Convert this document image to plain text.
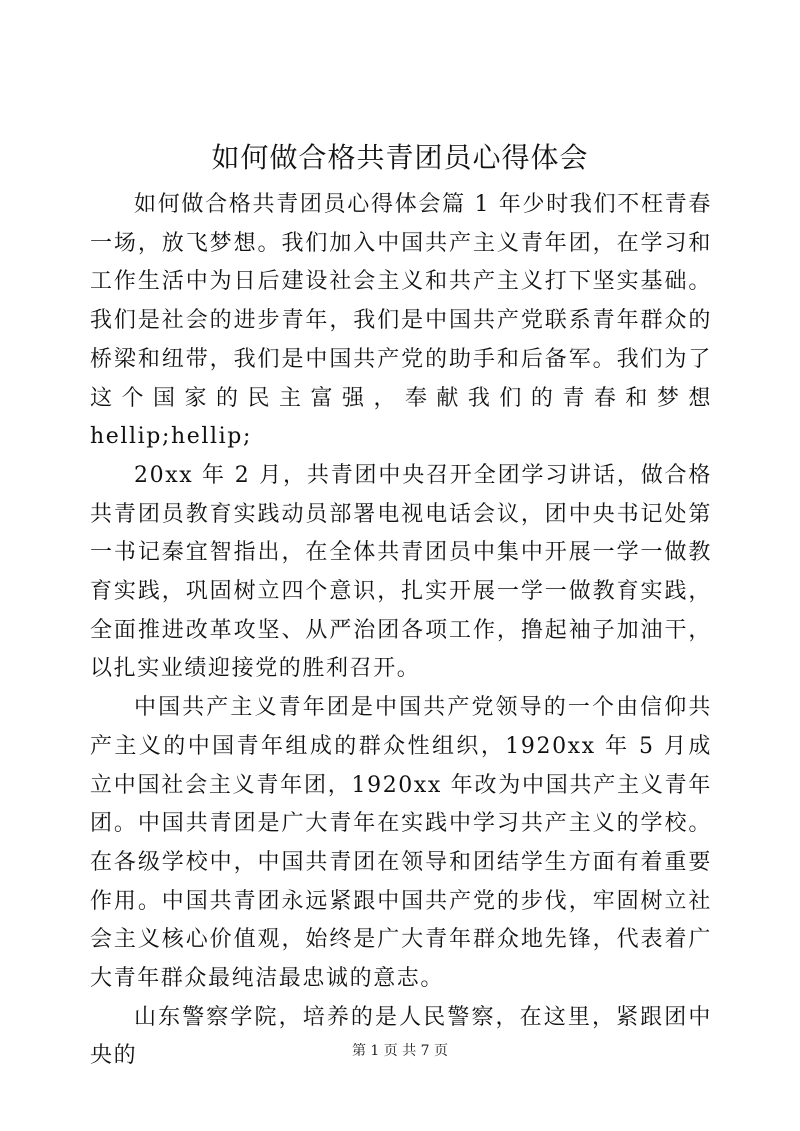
如何做合格共青团员心得体会

如何做合格共青团员心得体会篇 1 年少时我们不枉青春一场，放飞梦想。我们加入中国共产主义青年团，在学习和工作生活中为日后建设社会主义和共产主义打下坚实基础。我们是社会的进步青年，我们是中国共产党联系青年群众的桥梁和纽带，我们是中国共产党的助手和后备军。我们为了这个国家的民主富强，奉献我们的青春和梦想 hellip;hellip;

20xx 年 2 月，共青团中央召开全团学习讲话，做合格共青团员教育实践动员部署电视电话会议，团中央书记处第一书记秦宜智指出，在全体共青团员中集中开展一学一做教育实践，巩固树立四个意识，扎实开展一学一做教育实践，全面推进改革攻坚、从严治团各项工作，撸起袖子加油干，以扎实业绩迎接党的胜利召开。

中国共产主义青年团是中国共产党领导的一个由信仰共产主义的中国青年组成的群众性组织，1920xx 年 5 月成立中国社会主义青年团，1920xx 年改为中国共产主义青年团。中国共青团是广大青年在实践中学习共产主义的学校。在各级学校中，中国共青团在领导和团结学生方面有着重要作用。中国共青团永远紧跟中国共产党的步伐，牢固树立社会主义核心价值观，始终是广大青年群众地先锋，代表着广大青年群众最纯洁最忠诚的意志。

山东警察学院，培养的是人民警察，在这里，紧跟团中央的	第 1 页 共 7 页
